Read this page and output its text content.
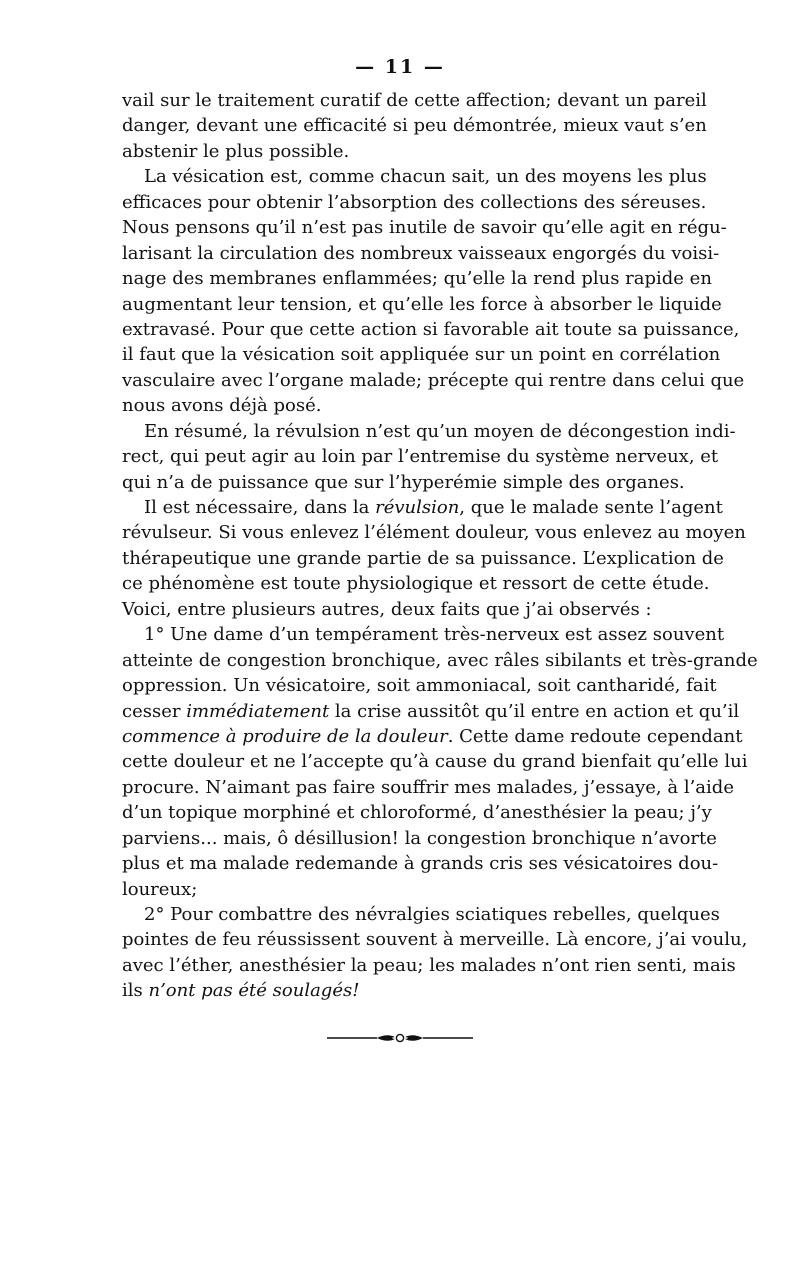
— 11 —
vail sur le traitement curatif de cette affection; devant un pareil
danger, devant une efficacité si peu démontrée, mieux vaut s’en
abstenir le plus possible.
La vésication est, comme chacun sait, un des moyens les plus
efficaces pour obtenir l’absorption des collections des séreuses.
Nous pensons qu’il n’est pas inutile de savoir qu’elle agit en régu-
larisant la circulation des nombreux vaisseaux engorgés du voisi-
nage des membranes enflammées; qu’elle la rend plus rapide en
augmentant leur tension, et qu’elle les force à absorber le liquide
extravasé. Pour que cette action si favorable ait toute sa puissance,
il faut que la vésication soit appliquée sur un point en corrélation
vasculaire avec l’organe malade; précepte qui rentre dans celui que
nous avons déjà posé.
En résumé, la révulsion n’est qu’un moyen de décongestion indi-
rect, qui peut agir au loin par l’entremise du système nerveux, et
qui n’a de puissance que sur l’hyperémie simple des organes.
Il est nécessaire, dans la révulsion, que le malade sente l’agent
révulseur. Si vous enlevez l’élément douleur, vous enlevez au moyen
thérapeutique une grande partie de sa puissance. L’explication de
ce phénomène est toute physiologique et ressort de cette étude.
Voici, entre plusieurs autres, deux faits que j’ai observés :
1° Une dame d’un tempérament très-nerveux est assez souvent
atteinte de congestion bronchique, avec râles sibilants et très-grande
oppression. Un vésicatoire, soit ammoniacal, soit cantharidé, fait
cesser immédiatement la crise aussitôt qu’il entre en action et qu’il
commence à produire de la douleur. Cette dame redoute cependant
cette douleur et ne l’accepte qu’à cause du grand bienfait qu’elle lui
procure. N’aimant pas faire souffrir mes malades, j’essaye, à l’aide
d’un topique morphiné et chloroformé, d’anesthésier la peau; j’y
parviens... mais, ô désillusion! la congestion bronchique n’avorte
plus et ma malade redemande à grands cris ses vésicatoires dou-
loureux;
2° Pour combattre des névralgies sciatiques rebelles, quelques
pointes de feu réussissent souvent à merveille. Là encore, j’ai voulu,
avec l’éther, anesthésier la peau; les malades n’ont rien senti, mais
ils n’ont pas été soulagés!
